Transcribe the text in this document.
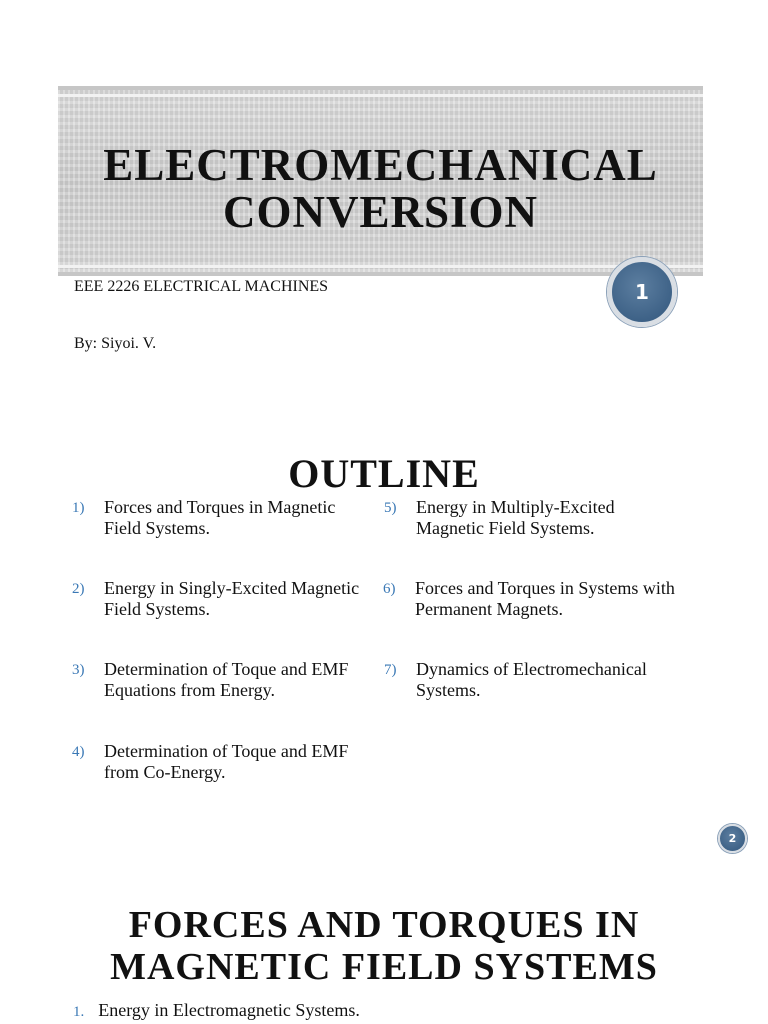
ELECTROMECHANICAL
CONVERSION
EEE 2226 ELECTRICAL MACHINES
By: Siyoi. V.
1
OUTLINE
1) Forces and Torques in Magnetic
Field Systems.
2) Energy in Singly-Excited Magnetic
Field Systems.
3) Determination of Toque and EMF
Equations from Energy.
4) Determination of Toque and EMF
from Co-Energy.
5) Energy in Multiply-Excited
Magnetic Field Systems.
6) Forces and Torques in Systems with
Permanent Magnets.
7) Dynamics of Electromechanical
Systems.
2
FORCES AND TORQUES IN
MAGNETIC FIELD SYSTEMS
1. Energy in Electromagnetic Systems.
